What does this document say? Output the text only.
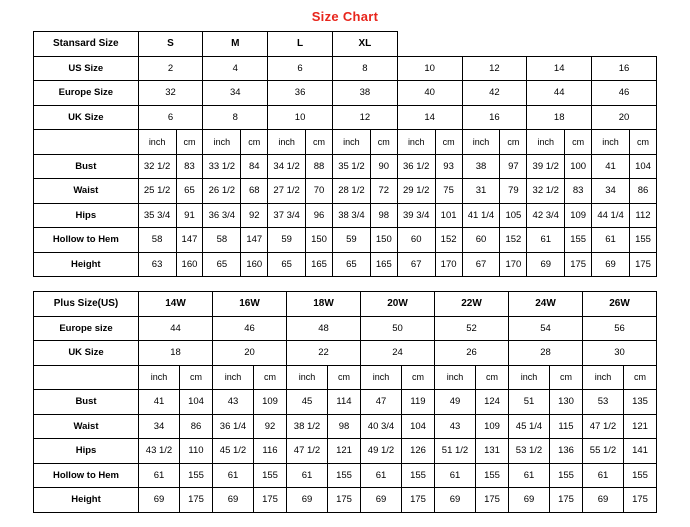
Size Chart
Stansard Size	S		M		L		XL									
US Size	2		4		6		8		10		12		14		16	
Europe Size	32		34		36		38		40		42		44		46	
UK Size	6		8		10		12		14		16		18		20	
	inch	cm	inch	cm	inch	cm	inch	cm	inch	cm	inch	cm	inch	cm	inch	cm
Bust	32 1/2	83	33 1/2	84	34 1/2	88	35 1/2	90	36 1/2	93	38	97	39 1/2	100	41	104
Waist	25 1/2	65	26 1/2	68	27 1/2	70	28 1/2	72	29 1/2	75	31	79	32 1/2	83	34	86
Hips	35 3/4	91	36 3/4	92	37 3/4	96	38 3/4	98	39 3/4	101	41 1/4	105	42 3/4	109	44 1/4	112
Hollow to Hem	58	147	58	147	59	150	59	150	60	152	60	152	61	155	61	155
Height	63	160	65	160	65	165	65	165	67	170	67	170	69	175	69	175
Plus Size(US)	14W		16W		18W		20W		22W		24W		26W	
Europe size	44		46		48		50		52		54		56	
UK Size	18		20		22		24		26		28		30	
	inch	cm	inch	cm	inch	cm	inch	cm	inch	cm	inch	cm	inch	cm
Bust	41	104	43	109	45	114	47	119	49	124	51	130	53	135
Waist	34	86	36 1/4	92	38 1/2	98	40 3/4	104	43	109	45 1/4	115	47 1/2	121
Hips	43 1/2	110	45 1/2	116	47 1/2	121	49 1/2	126	51 1/2	131	53 1/2	136	55 1/2	141
Hollow to Hem	61	155	61	155	61	155	61	155	61	155	61	155	61	155
Height	69	175	69	175	69	175	69	175	69	175	69	175	69	175
